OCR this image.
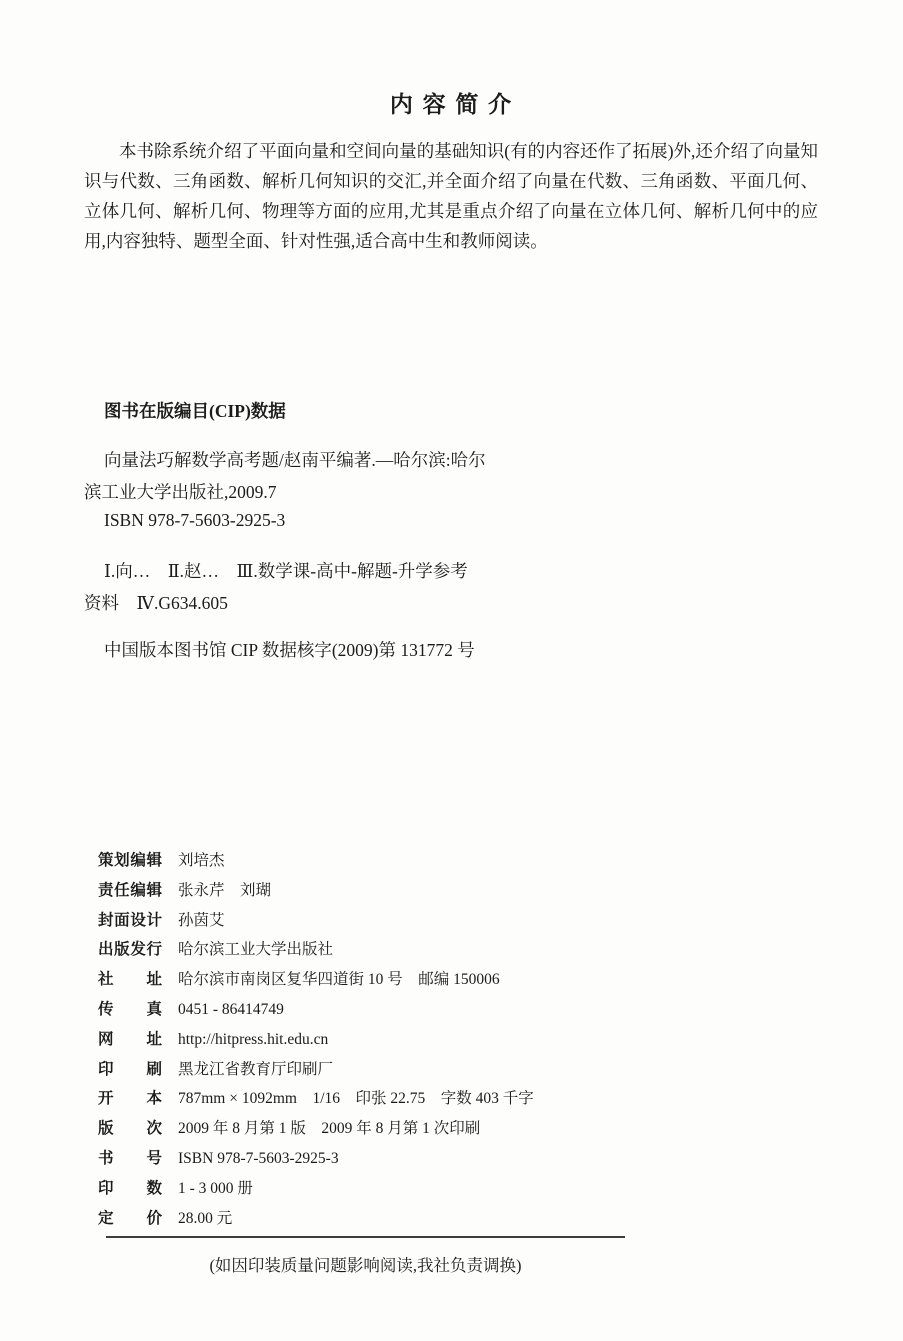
内 容 简 介
本书除系统介绍了平面向量和空间向量的基础知识(有的内容还作了拓展)外,还介绍了向量知识与代数、三角函数、解析几何知识的交汇,并全面介绍了向量在代数、三角函数、平面几何、立体几何、解析几何、物理等方面的应用,尤其是重点介绍了向量在立体几何、解析几何中的应用,内容独特、题型全面、针对性强,适合高中生和教师阅读。
图书在版编目(CIP)数据
向量法巧解数学高考题/赵南平编著.—哈尔滨:哈尔
滨工业大学出版社,2009.7
ISBN 978-7-5603-2925-3
Ⅰ.向…　Ⅱ.赵…　Ⅲ.数学课-高中-解题-升学参考
资料　Ⅳ.G634.605
中国版本图书馆 CIP 数据核字(2009)第 131772 号
策划编辑 刘培杰
责任编辑 张永芹　刘瑚
封面设计 孙茵艾
出版发行 哈尔滨工业大学出版社
社址 哈尔滨市南岗区复华四道街 10 号　邮编 150006
传真 0451 - 86414749
网址 http://hitpress.hit.edu.cn
印刷 黑龙江省教育厅印刷厂
开本 787mm × 1092mm　1/16　印张 22.75　字数 403 千字
版次 2009 年 8 月第 1 版　2009 年 8 月第 1 次印刷
书号 ISBN 978-7-5603-2925-3
印数 1 - 3 000 册
定价 28.00 元
(如因印装质量问题影响阅读,我社负责调换)
